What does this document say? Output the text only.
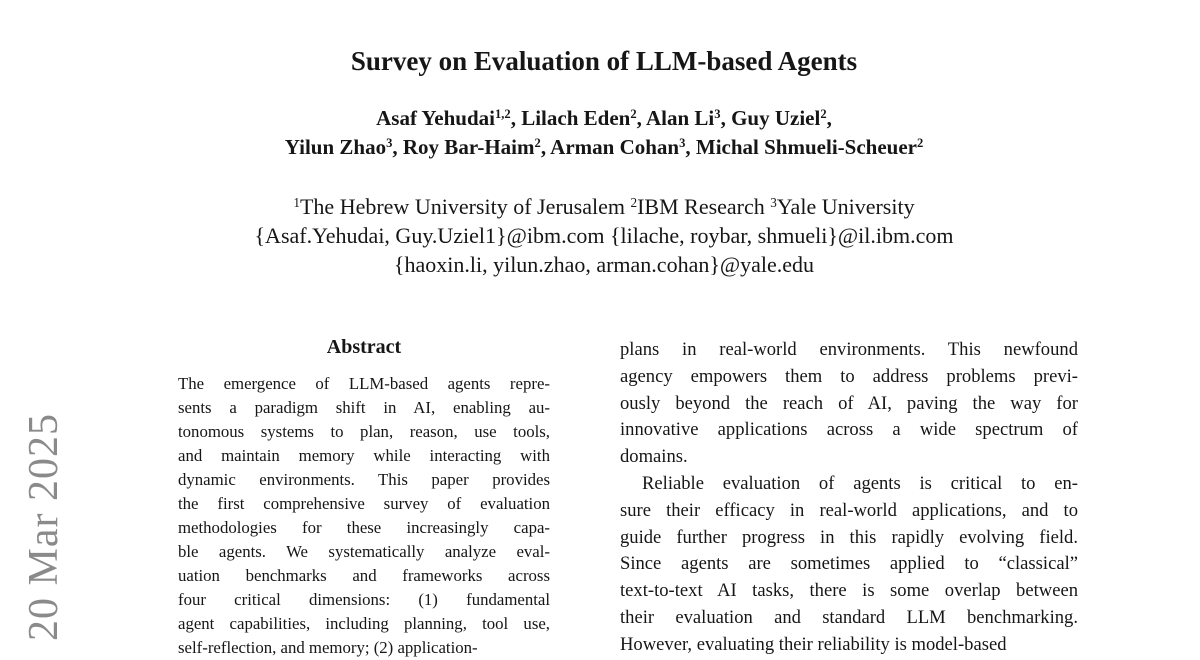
20 Mar 2025
Survey on Evaluation of LLM-based Agents
Asaf Yehudai$^{1,2}$, Lilach Eden$^2$, Alan Li$^3$, Guy Uziel$^2$,
Yilun Zhao$^3$, Roy Bar-Haim$^2$, Arman Cohan$^3$, Michal Shmueli-Scheuer$^2$
$^1$The Hebrew University of Jerusalem $^2$IBM Research $^3$Yale University
{Asaf.Yehudai, Guy.Uziel1}@ibm.com {lilache, roybar, shmueli}@il.ibm.com
{haoxin.li, yilun.zhao, arman.cohan}@yale.edu
Abstract
The emergence of LLM-based agents repre-
sents a paradigm shift in AI, enabling au-
tonomous systems to plan, reason, use tools,
and maintain memory while interacting with
dynamic environments. This paper provides
the first comprehensive survey of evaluation
methodologies for these increasingly capa-
ble agents. We systematically analyze eval-
uation benchmarks and frameworks across
four critical dimensions: (1) fundamental
agent capabilities, including planning, tool use,
self-reflection, and memory; (2) application-
plans in real-world environments. This newfound
agency empowers them to address problems previ-
ously beyond the reach of AI, paving the way for
innovative applications across a wide spectrum of
domains.
Reliable evaluation of agents is critical to en-
sure their efficacy in real-world applications, and to
guide further progress in this rapidly evolving field.
Since agents are sometimes applied to “classical”
text-to-text AI tasks, there is some overlap between
their evaluation and standard LLM benchmarking.
However, evaluating their reliability is model-based
